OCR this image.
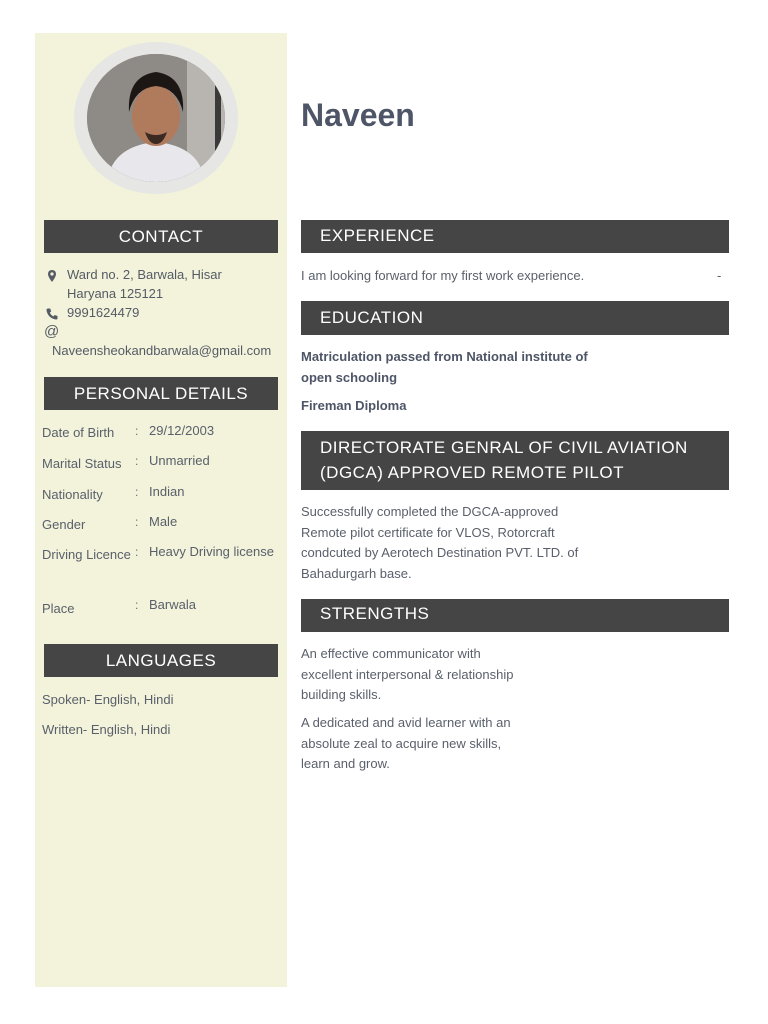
CONTACT
Ward no. 2, Barwala, Hisar
Haryana 125121
9991624479
@
Naveensheokandbarwala@gmail.com
PERSONAL DETAILS
Date of Birth	: 29/12/2003
Marital Status	: Unmarried
Nationality	: Indian
Gender	: Male
Driving Licence : Heavy Driving license
Place	: Barwala
LANGUAGES
Spoken- English, Hindi
Written- English, Hindi
Naveen
EXPERIENCE
I am looking forward for my first work experience.	-
EDUCATION
Matriculation passed from National institute of open schooling
Fireman Diploma
DIRECTORATE GENRAL OF CIVIL AVIATION (DGCA) APPROVED REMOTE PILOT CERTIFICATE
Successfully completed the DGCA-approved Remote pilot certificate for VLOS, Rotorcraft condcuted by Aerotech Destination PVT. LTD. of Bahadurgarh base.
STRENGTHS
An effective communicator with excellent interpersonal & relationship building skills.
A dedicated and avid learner with an absolute zeal to acquire new skills, learn and grow.
